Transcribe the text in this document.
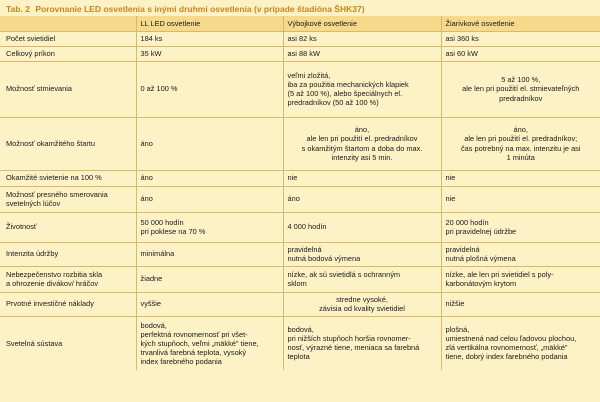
Tab. 2 Porovnanie LED osvetlenia s inými druhmi osvetlenia (v prípade štadióna ŠHK37)
	LL LED osvetlenie	Výbojkové osvetlenie	Žiarivkové osvetlenie
Počet svietidiel	184 ks	asi 82 ks	asi 360 ks
Celkový príkon	35 kW	asi 88 kW	asi 60 kW
Možnosť stmievania	0 až 100 %	veľmi zložitá,
iba za použitia mechanických klapiek
(5 až 100 %), alebo špeciálnych el.
predradníkov (50 až 100 %)	5 až 100 %,
ale len pri použití el. stmievateľných
predradníkov
Možnosť okamžitého štartu	áno	áno,
ale len pri použití el. predradníkov
s okamžitým štartom a doba do max.
intenzity asi 5 min.	áno,
ale len pri použití el. predradníkov;
čas potrebný na max. intenzitu je asi
1 minúta
Okamžité svietenie na 100 %	áno	nie	nie
Možnosť presného smerovania
svetelných lúčov	áno	áno	nie
Životnosť	50 000 hodín
pri poklese na 70 %	4 000 hodín	20 000 hodín
pri pravidelnej údržbe
Intenzita údržby	minimálna	pravidelná
nutná bodová výmena	pravidelná
nutná plošná výmena
Nebezpečenstvo rozbitia skla
a ohrozenie divákov/ hráčov	žiadne	nízke, ak sú svietidlá s ochranným
sklom	nízke, ale len pri svietidiel s poly-
karbonátovým krytom
Prvotné investičné náklady	vyššie	stredne vysoké,
závisia od kvality svietidiel	nižšie
Svetelná sústava	bodová,
perfektná rovnomernosť pri všet-
kých stupňoch, veľmi „mäkké" tiene,
trvanlivá farebná teplota, vysoký
index farebného podania	bodová,
pri nižších stupňoch horšia rovnomer-
nosť, výrazné tiene, meniaca sa farebná
teplota	plošná,
umiestnená nad celou ľadovou plochou,
zlá vertikálna rovnomernosť, „mäkké"
tiene, dobrý index farebného podania
